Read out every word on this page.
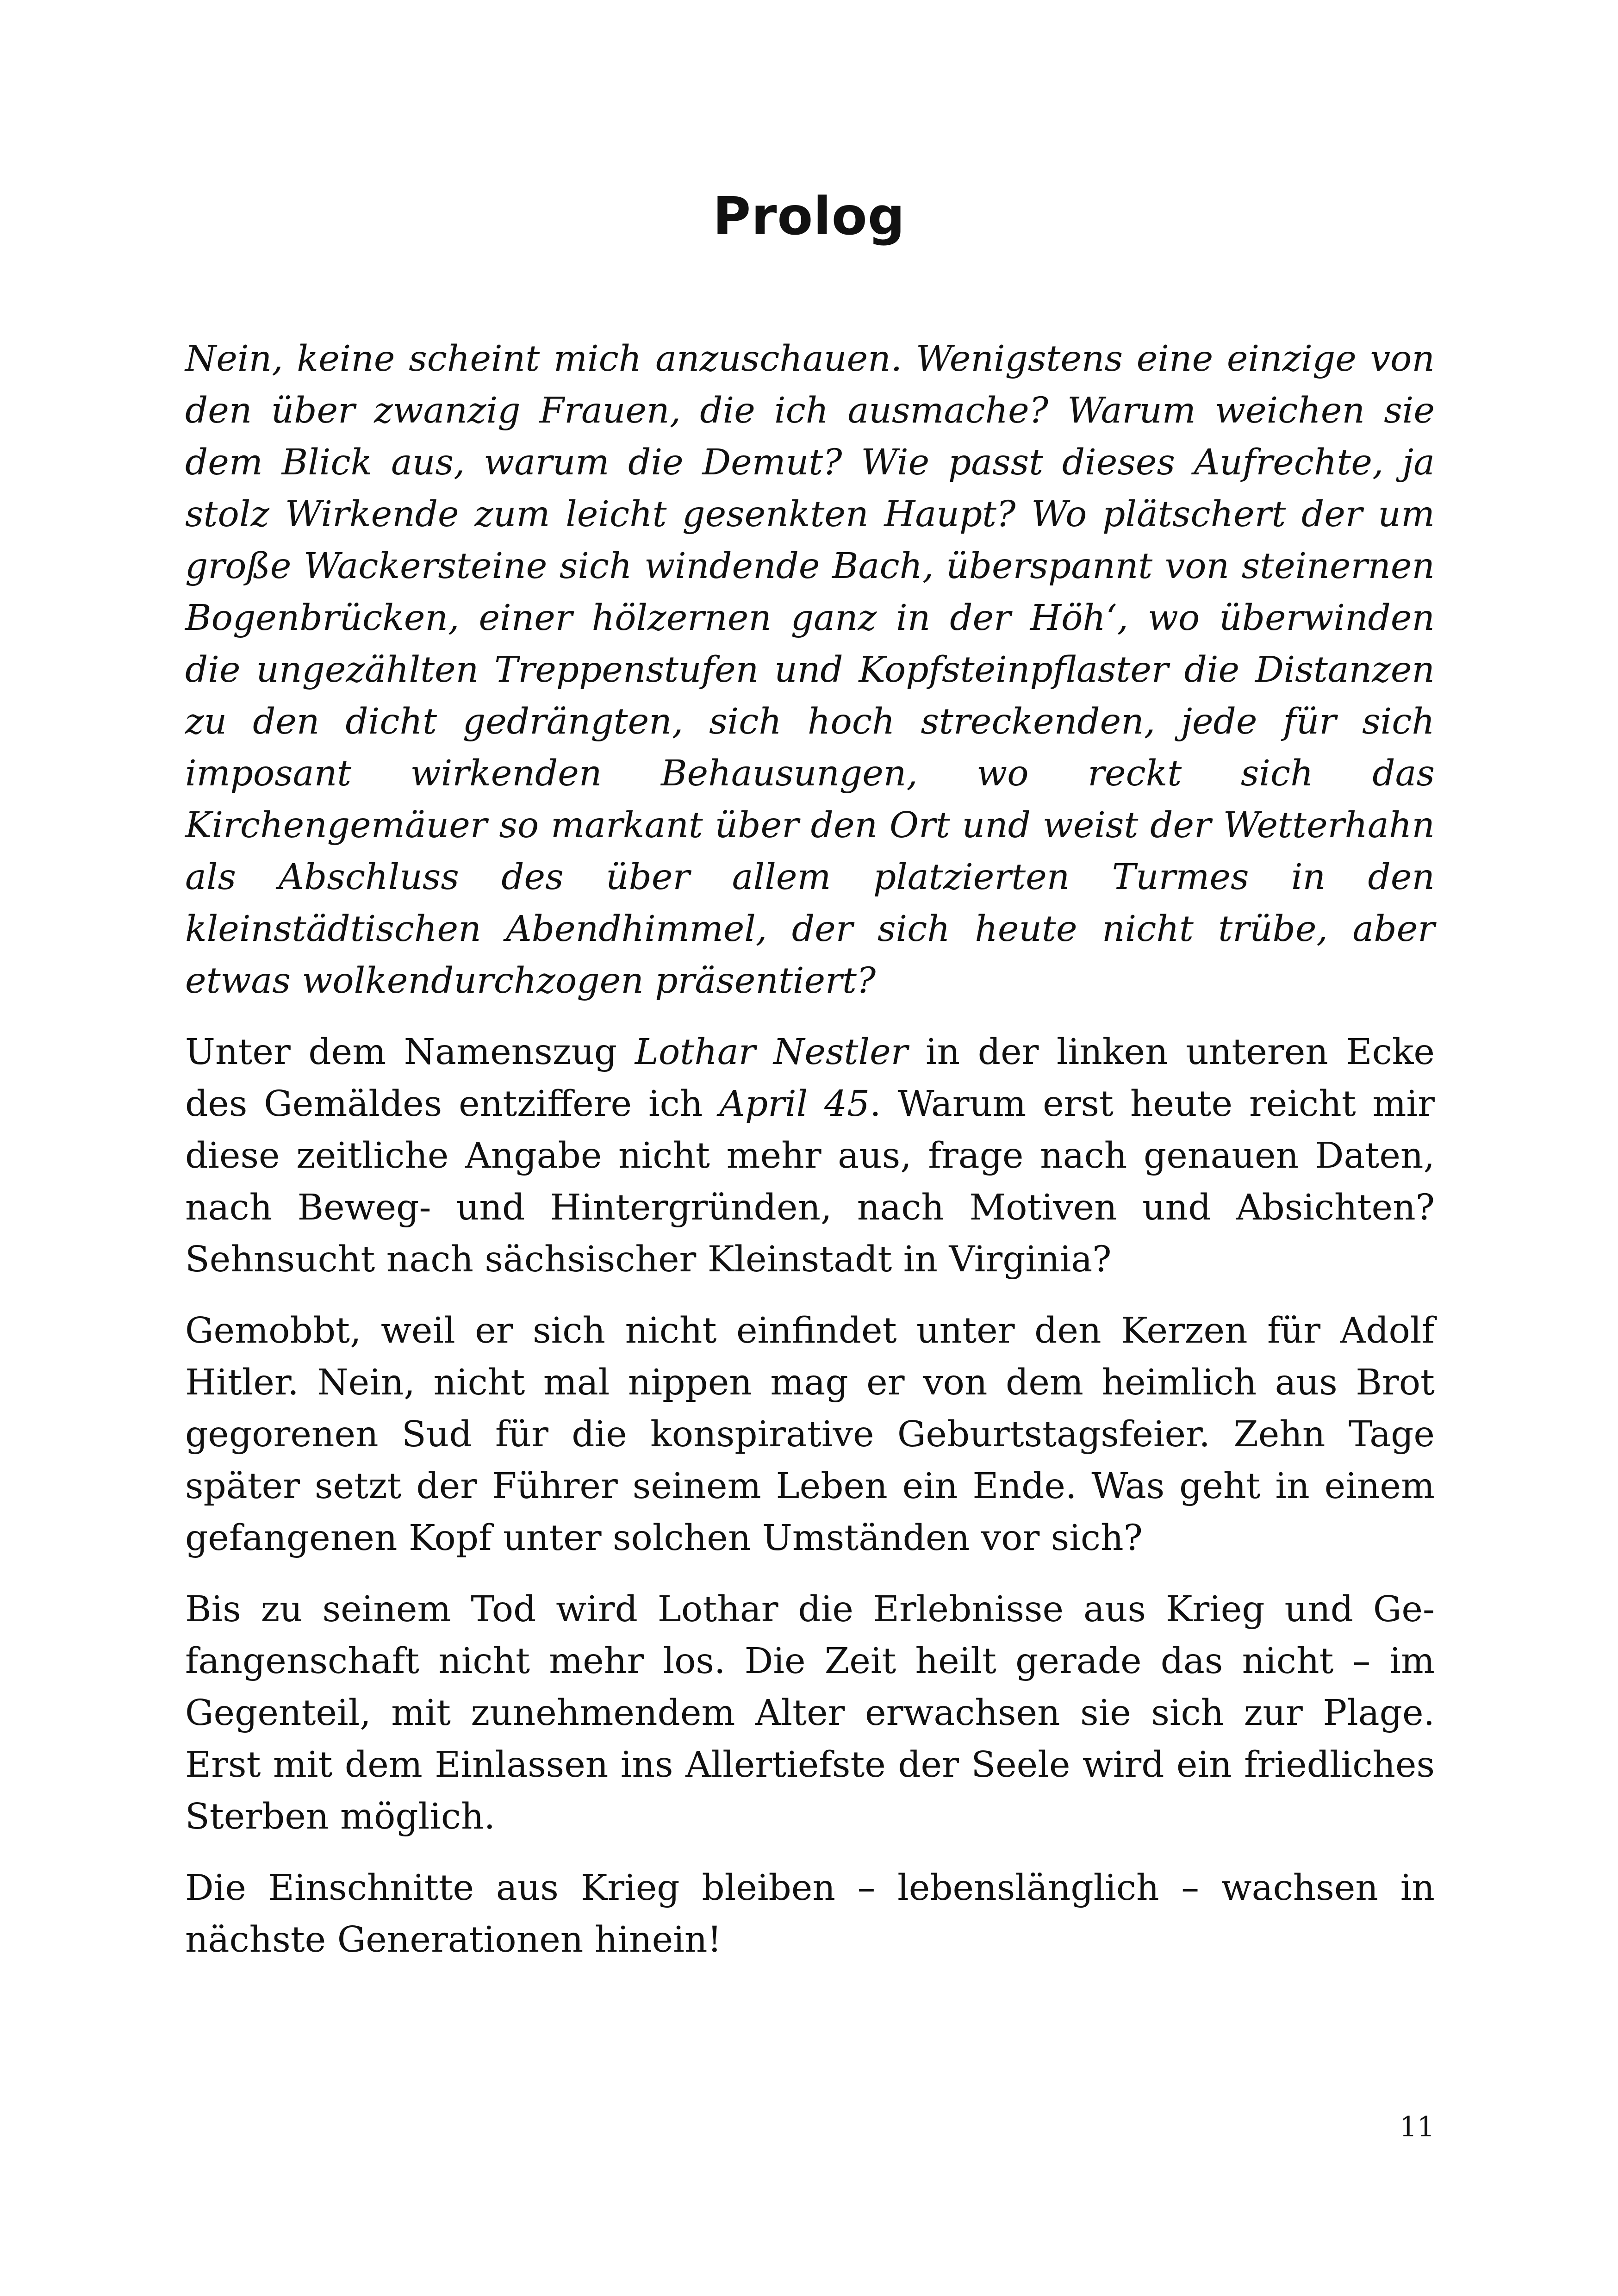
Prolog

Nein, keine scheint mich anzuschauen. Wenigstens eine einzige von den über zwanzig Frauen, die ich ausmache? Warum weichen sie dem Blick aus, warum die Demut? Wie passt dieses Aufrechte, ja stolz Wirkende zum leicht gesenkten Haupt? Wo plätschert der um große Wackersteine sich windende Bach, überspannt von steinernen Bogenbrücken, einer hölzernen ganz in der Höh‘, wo überwinden die ungezählten Treppenstufen und Kopfsteinpflaster die Distanzen zu den dicht gedrängten, sich hoch streckenden, jede für sich imposant wirkenden Behausungen, wo reckt sich das Kirchengemäuer so markant über den Ort und weist der Wetterhahn als Abschluss des über allem platzierten Turmes in den kleinstädtischen Abendhimmel, der sich heute nicht trübe, aber etwas wolkendurchzogen präsentiert?

Unter dem Namenszug Lothar Nestler in der linken unteren Ecke des Gemäldes entziffere ich April 45. Warum erst heute reicht mir diese zeitliche Angabe nicht mehr aus, frage nach genauen Daten, nach Beweg- und Hintergründen, nach Motiven und Absichten? Sehnsucht nach sächsischer Kleinstadt in Virginia?

Gemobbt, weil er sich nicht einfindet unter den Kerzen für Adolf Hitler. Nein, nicht mal nippen mag er von dem heimlich aus Brot gegorenen Sud für die konspirative Geburtstagsfeier. Zehn Tage später setzt der Führer seinem Leben ein Ende. Was geht in einem gefangenen Kopf unter solchen Umständen vor sich?

Bis zu seinem Tod wird Lothar die Erlebnisse aus Krieg und Gefangenschaft nicht mehr los. Die Zeit heilt gerade das nicht – im Gegenteil, mit zunehmendem Alter erwachsen sie sich zur Plage. Erst mit dem Einlassen ins Allertiefste der Seele wird ein friedliches Sterben möglich.

Die Einschnitte aus Krieg bleiben – lebenslänglich – wachsen in nächste Generationen hinein!

11
